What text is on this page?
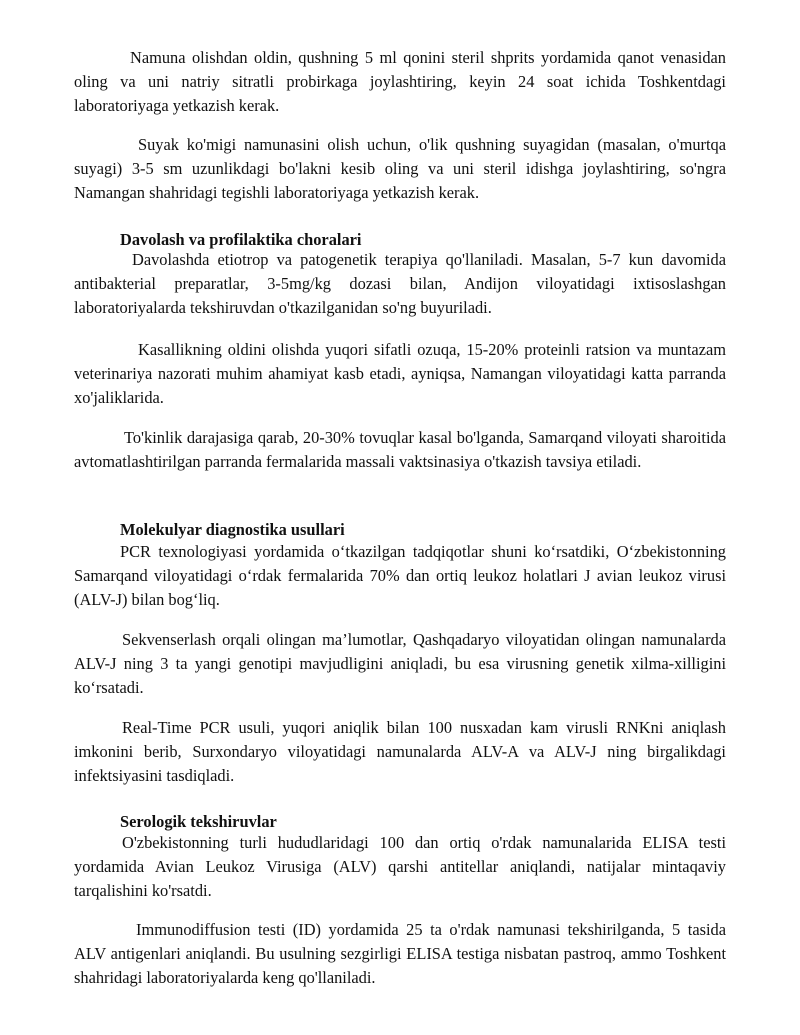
Namuna olishdan oldin, qushning 5 ml qonini steril shprits yordamida qanot venasidan oling va uni natriy sitratli probirkaga joylashtiring, keyin 24 soat ichida Toshkentdagi laboratoriyaga yetkazish kerak.

Suyak ko'migi namunasini olish uchun, o'lik qushning suyagidan (masalan, o'murtqa suyagi) 3-5 sm uzunlikdagi bo'lakni kesib oling va uni steril idishga joylashtiring, so'ngra Namangan shahridagi tegishli laboratoriyaga yetkazish kerak.

Davolash va profilaktika choralari

Davolashda etiotrop va patogenetik terapiya qo'llaniladi. Masalan, 5-7 kun davomida antibakterial preparatlar, 3-5mg/kg dozasi bilan, Andijon viloyatidagi ixtisoslashgan laboratoriyalarda tekshiruvdan o'tkazilganidan so'ng buyuriladi.

Kasallikning oldini olishda yuqori sifatli ozuqa, 15-20% proteinli ratsion va muntazam veterinariya nazorati muhim ahamiyat kasb etadi, ayniqsa, Namangan viloyatidagi katta parranda xo'jaliklarida.

To'kinlik darajasiga qarab, 20-30% tovuqlar kasal bo'lganda, Samarqand viloyati sharoitida avtomatlashtirilgan parranda fermalarida massali vaktsinasiya o'tkazish tavsiya etiladi.

Molekulyar diagnostika usullari

PCR texnologiyasi yordamida o‘tkazilgan tadqiqotlar shuni ko‘rsatdiki, O‘zbekistonning Samarqand viloyatidagi o‘rdak fermalarida 70% dan ortiq leukoz holatlari J avian leukoz virusi (ALV-J) bilan bog‘liq.

Sekvenserlash orqali olingan ma’lumotlar, Qashqadaryo viloyatidan olingan namunalarda ALV-J ning 3 ta yangi genotipi mavjudligini aniqladi, bu esa virusning genetik xilma-xilligini ko‘rsatadi.

Real-Time PCR usuli, yuqori aniqlik bilan 100 nusxadan kam virusli RNKni aniqlash imkonini berib, Surxondaryo viloyatidagi namunalarda ALV-A va ALV-J ning birgalikdagi infektsiyasini tasdiqladi.

Serologik tekshiruvlar

O'zbekistonning turli hududlaridagi 100 dan ortiq o'rdak namunalarida ELISA testi yordamida Avian Leukoz Virusiga (ALV) qarshi antitellar aniqlandi, natijalar mintaqaviy tarqalishini ko'rsatdi.

Immunodiffusion testi (ID) yordamida 25 ta o'rdak namunasi tekshirilganda, 5 tasida ALV antigenlari aniqlandi. Bu usulning sezgirligi ELISA testiga nisbatan pastroq, ammo Toshkent shahridagi laboratoriyalarda keng qo'llaniladi.
